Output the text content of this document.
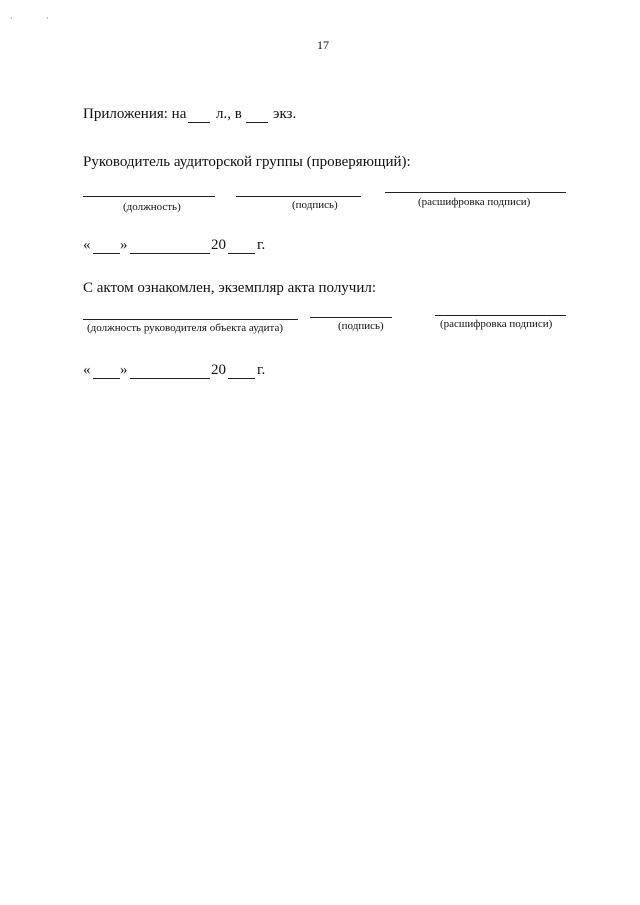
·	·
17
Приложения: на л., в экз.
Руководитель аудиторской группы (проверяющий):
(должность)	(подпись)	(расшифровка подписи)
« »	20 г.
С актом ознакомлен, экземпляр акта получил:
(должность руководителя объекта аудита)	(подпись)	(расшифровка подписи)
« »	20 г.
